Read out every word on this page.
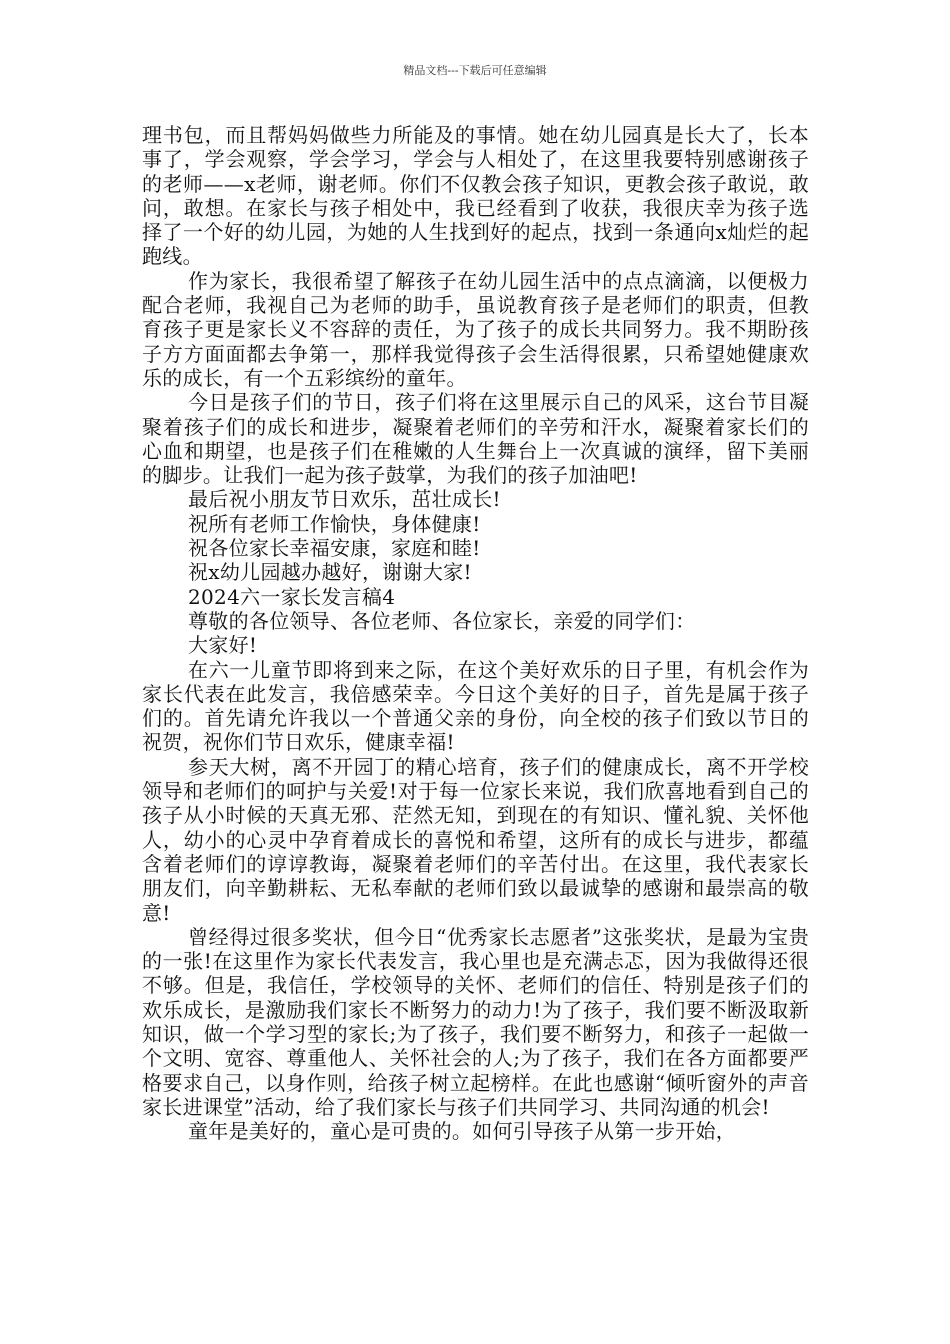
精品文档---下载后可任意编辑

理书包，而且帮妈妈做些力所能及的事情。她在幼儿园真是长大了，长本事了，学会观察，学会学习，学会与人相处了，在这里我要特别感谢孩子的老师——x老师，谢老师。你们不仅教会孩子知识，更教会孩子敢说，敢问，敢想。在家长与孩子相处中，我已经看到了收获，我很庆幸为孩子选择了一个好的幼儿园，为她的人生找到好的起点，找到一条通向x灿烂的起跑线。

作为家长，我很希望了解孩子在幼儿园生活中的点点滴滴，以便极力配合老师，我视自己为老师的助手，虽说教育孩子是老师们的职责，但教育孩子更是家长义不容辞的责任，为了孩子的成长共同努力。我不期盼孩子方方面面都去争第一，那样我觉得孩子会生活得很累，只希望她健康欢乐的成长，有一个五彩缤纷的童年。

今日是孩子们的节日，孩子们将在这里展示自己的风采，这台节目凝聚着孩子们的成长和进步，凝聚着老师们的辛劳和汗水，凝聚着家长们的心血和期望，也是孩子们在稚嫩的人生舞台上一次真诚的演绎，留下美丽的脚步。让我们一起为孩子鼓掌，为我们的孩子加油吧!

最后祝小朋友节日欢乐，茁壮成长!

祝所有老师工作愉快，身体健康!

祝各位家长幸福安康，家庭和睦!

祝x幼儿园越办越好，谢谢大家!

2024六一家长发言稿4

尊敬的各位领导、各位老师、各位家长，亲爱的同学们：

大家好!

在六一儿童节即将到来之际，在这个美好欢乐的日子里，有机会作为家长代表在此发言，我倍感荣幸。今日这个美好的日子，首先是属于孩子们的。首先请允许我以一个普通父亲的身份，向全校的孩子们致以节日的祝贺，祝你们节日欢乐，健康幸福!

参天大树，离不开园丁的精心培育，孩子们的健康成长，离不开学校领导和老师们的呵护与关爱!对于每一位家长来说，我们欣喜地看到自己的孩子从小时候的天真无邪、茫然无知，到现在的有知识、懂礼貌、关怀他人，幼小的心灵中孕育着成长的喜悦和希望，这所有的成长与进步，都蕴含着老师们的谆谆教诲，凝聚着老师们的辛苦付出。在这里，我代表家长朋友们，向辛勤耕耘、无私奉献的老师们致以最诚挚的感谢和最崇高的敬意!

曾经得过很多奖状，但今日“优秀家长志愿者”这张奖状，是最为宝贵的一张!在这里作为家长代表发言，我心里也是充满忐忑，因为我做得还很不够。但是，我信任，学校领导的关怀、老师们的信任、特别是孩子们的欢乐成长，是激励我们家长不断努力的动力!为了孩子，我们要不断汲取新知识，做一个学习型的家长;为了孩子，我们要不断努力，和孩子一起做一个文明、宽容、尊重他人、关怀社会的人;为了孩子，我们在各方面都要严格要求自己，以身作则，给孩子树立起榜样。在此也感谢“倾听窗外的声音家长进课堂”活动，给了我们家长与孩子们共同学习、共同沟通的机会!

童年是美好的，童心是可贵的。如何引导孩子从第一步开始，
